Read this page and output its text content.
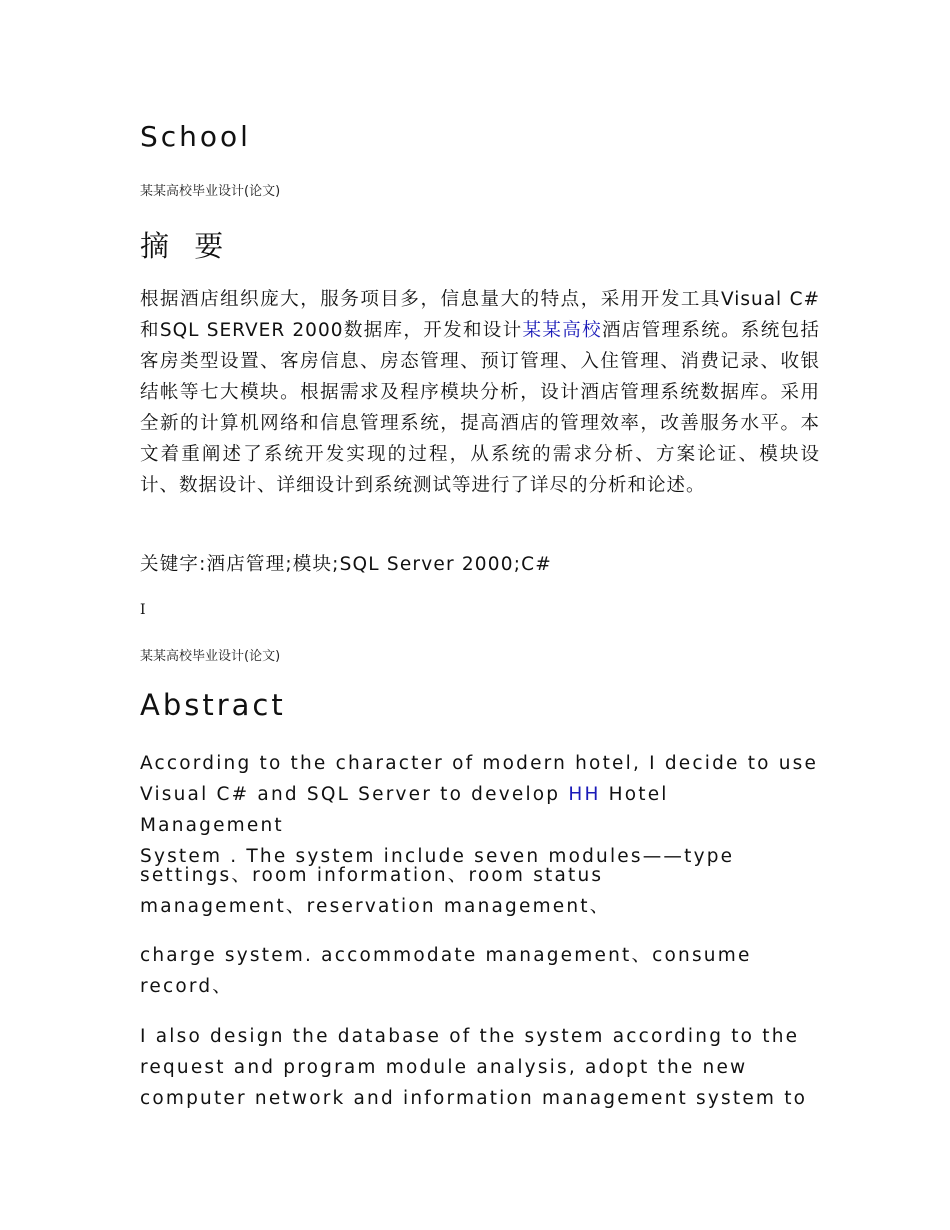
School
某某高校毕业设计(论文)
摘 要
根据酒店组织庞大，服务项目多，信息量大的特点，采用开发工具Visual C#和SQL SERVER 2000数据库，开发和设计某某高校酒店管理系统。系统包括客房类型设置、客房信息、房态管理、预订管理、入住管理、消费记录、收银结帐等七大模块。根据需求及程序模块分析，设计酒店管理系统数据库。采用全新的计算机网络和信息管理系统，提高酒店的管理效率，改善服务水平。本文着重阐述了系统开发实现的过程，从系统的需求分析、方案论证、模块设计、数据设计、详细设计到系统测试等进行了详尽的分析和论述。
关键字:酒店管理;模块;SQL Server 2000;C#
I
某某高校毕业设计(论文)
Abstract
According to the character of modern hotel, I decide to use
Visual C# and SQL Server to develop HH Hotel Management
System . The system include seven modules——type
settings、room information、room status
management、reservation management、
charge system. accommodate management、consume
record、
I also design the database of the system according to the
request and program module analysis, adopt the new
computer network and information management system to
